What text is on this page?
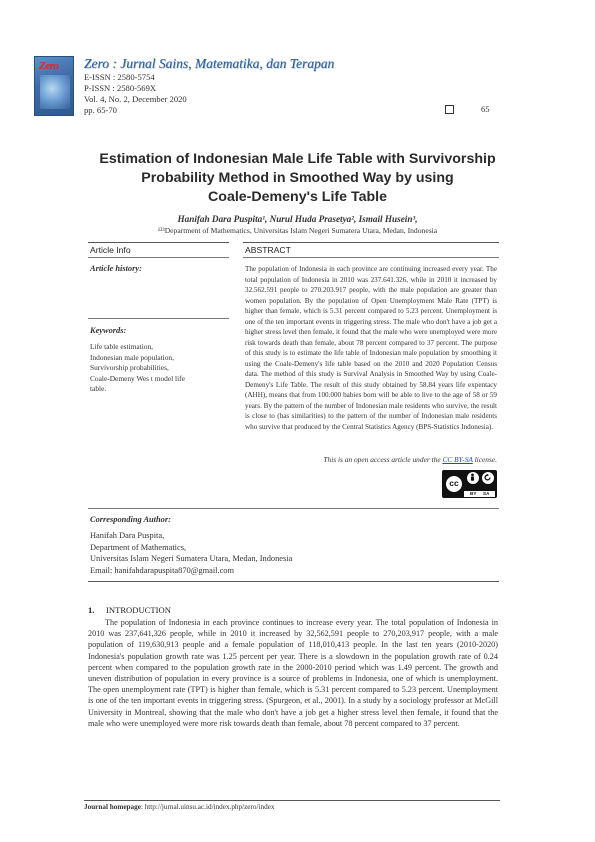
Zero Zero : Jurnal Sains, Matematika, dan Terapan
E-ISSN : 2580-5754
P-ISSN : 2580-569X
Vol. 4, No. 2, December 2020
pp. 65-70	65
Estimation of Indonesian Male Life Table with Survivorship
Probability Method in Smoothed Way by using
Coale-Demeny's Life Table
Hanifah Dara Puspita¹, Nurul Huda Prasetya², Ismail Husein³,
¹²³Department of Mathematics, Universitas Islam Negeri Sumatera Utara, Medan, Indonesia
Article Info	ABSTRACT
Article history:
Keywords:
Life table estimation,
Indonesian male population,
Survivorship probabilities,
Coale-Demeny Wes t model life
table.
The population of Indonesia in each province are continuing increased every year. The total population of Indonesia in 2010 was 237.641.326, while in 2010 it increased by 32.562.591 people to 270.203.917 people, with the male population are greater than women population. By the population of Open Unemployment Male Rate (TPT) is higher than female, which is 5.31 percent compared to 5.23 percent. Unemployment is one of the ten important events in triggering stress. The male who don't have a job get a higher stress level then female, it found that the male who were unemployed were more risk towards death than female, about 78 percent compared to 37 percent. The purpose of this study is to estimate the life table of Indonesian male population by smoothing it using the Coale-Demeny's life table based on the 2010 and 2020 Population Census data. The method of this study is Survival Analysis in Smoothed Way by using Coale-Demeny's Life Table. The result of this study obtained by 58.84 years life expentacy (AHH), means that from 100.000 babies born will be able to live to the age of 58 or 59 years. By the pattern of the number of Indonesian male residents who survive, the result is close to (has similarities) to the pattern of the number of Indonesian male residents who survive that produced by the Central Statistics Agency (BPS-Statistics Indonesia).
This is an open access article under the CC BY-SA license.
cc
BY SA
Corresponding Author:
Hanifah Dara Puspita,
Department of Mathematics,
Universitas Islam Negeri Sumatera Utara, Medan, Indonesia
Email: hanifahdarapuspita870@gmail.com
1. INTRODUCTION
The population of Indonesia in each province continues to increase every year. The total population of Indonesia in 2010 was 237,641,326 people, while in 2010 it increased by 32,562,591 people to 270,203,917 people, with a male population of 119,630,913 people and a female population of 118,010,413 people. In the last ten years (2010-2020) Indonesia's population growth rate was 1.25 percent per year. There is a slowdown in the population growth rate of 0.24 percent when compared to the population growth rate in the 2000-2010 period which was 1.49 percent. The growth and uneven distribution of population in every province is a source of problems in Indonesia, one of which is unemployment. The open unemployment rate (TPT) is higher than female, which is 5.31 percent compared to 5.23 percent. Unemployment is one of the ten important events in triggering stress. (Spurgeon, et al., 2001). In a study by a sociology professor at McGill University in Montreal, showing that the male who don't have a job get a higher stress level then female, it found that the male who were unemployed were more risk towards death than female, about 78 percent compared to 37 percent.
Journal homepage: http://jurnal.uinsu.ac.id/index.php/zero/index
